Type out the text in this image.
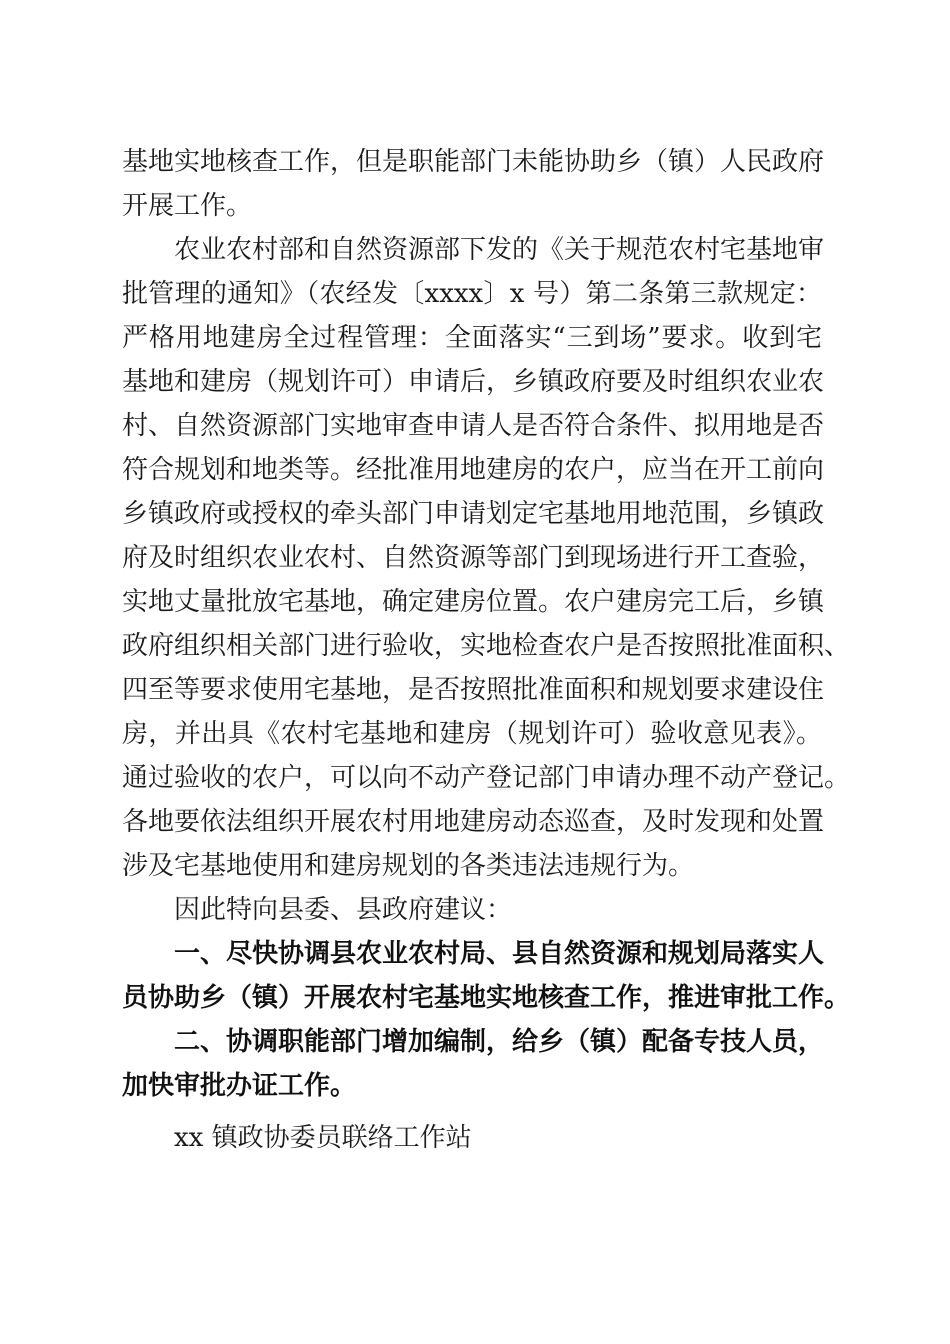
基地实地核查工作，但是职能部门未能协助乡（镇）人民政府
开展工作。
农业农村部和自然资源部下发的《关于规范农村宅基地审
批管理的通知》（农经发〔xxxx〕x 号）第二条第三款规定：
严格用地建房全过程管理：全面落实“三到场”要求。收到宅
基地和建房（规划许可）申请后，乡镇政府要及时组织农业农
村、自然资源部门实地审查申请人是否符合条件、拟用地是否
符合规划和地类等。经批准用地建房的农户，应当在开工前向
乡镇政府或授权的牵头部门申请划定宅基地用地范围，乡镇政
府及时组织农业农村、自然资源等部门到现场进行开工查验，
实地丈量批放宅基地，确定建房位置。农户建房完工后，乡镇
政府组织相关部门进行验收，实地检查农户是否按照批准面积、
四至等要求使用宅基地，是否按照批准面积和规划要求建设住
房，并出具《农村宅基地和建房（规划许可）验收意见表》。
通过验收的农户，可以向不动产登记部门申请办理不动产登记。
各地要依法组织开展农村用地建房动态巡查，及时发现和处置
涉及宅基地使用和建房规划的各类违法违规行为。
因此特向县委、县政府建议：
一、尽快协调县农业农村局、县自然资源和规划局落实人
员协助乡（镇）开展农村宅基地实地核查工作，推进审批工作。
二、协调职能部门增加编制，给乡（镇）配备专技人员，
加快审批办证工作。
xx 镇政协委员联络工作站
